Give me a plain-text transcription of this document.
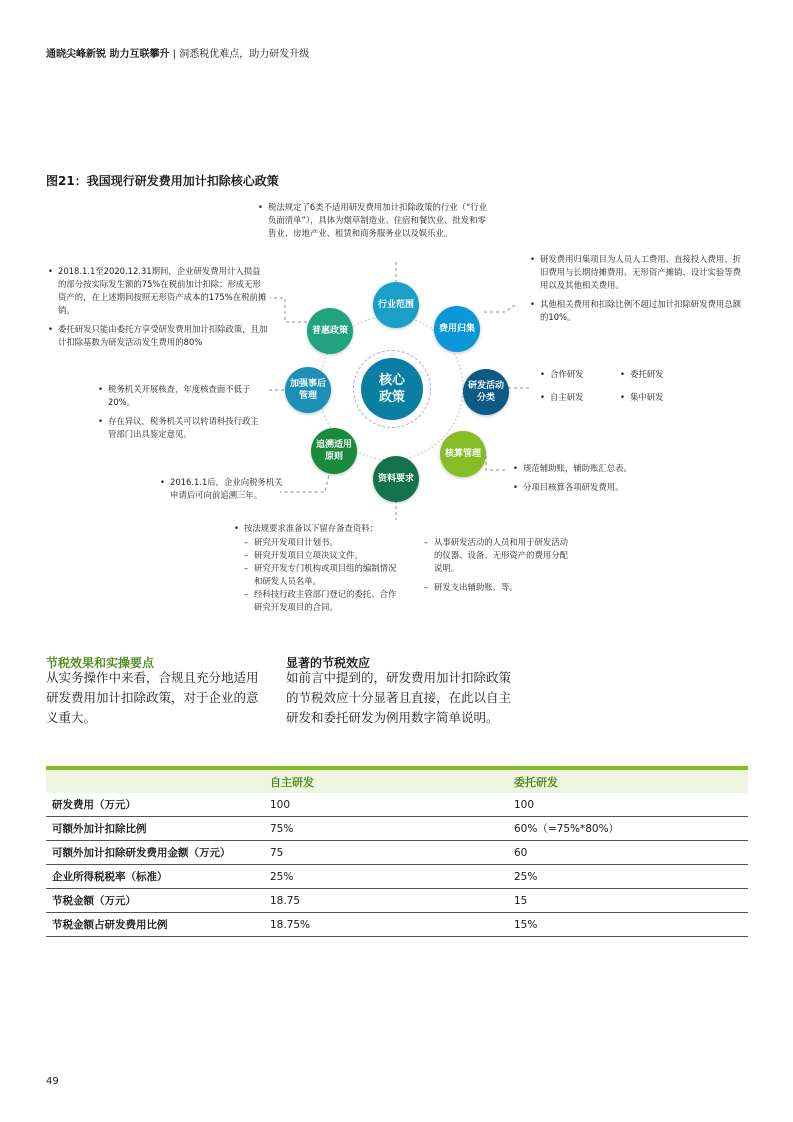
通晓尖峰新锐 助力互联攀升 | 洞悉税优难点，助力研发升级
图21：我国现行研发费用加计扣除核心政策
• 税法规定了6类不适用研发费用加计扣除政策的行业（“行业负面清单”），具体为烟草制造业、住宿和餐饮业、批发和零售业、房地产业、租赁和商务服务业以及娱乐业。
• 研发费用归集项目为人员人工费用、直接投入费用、折旧费用与长期待摊费用、无形资产摊销、设计实验等费用以及其他相关费用。
• 其他相关费用和扣除比例不超过加计扣除研发费用总额的10%。
• 合作研发	• 委托研发
• 自主研发	• 集中研发
• 规范辅助账，辅助账汇总表。
• 分项目核算各项研发费用。
• 按法规要求准备以下留存备查资料：
– 研究开发项目计划书。
– 研究开发项目立项决议文件。
– 研究开发专门机构或项目组的编制情况和研发人员名单。
– 经科技行政主管部门登记的委托、合作研究开发项目的合同。
– 从事研发活动的人员和用于研发活动的仪器、设备、无形资产的费用分配说明。
– 研发支出辅助账、等。
• 2016.1.1后，企业向税务机关申请后可向前追溯三年。
• 税务机关开展核查，年度核查面不低于20%。
• 存在异议，税务机关可以转请科技行政主管部门出具鉴定意见。
• 2018.1.1至2020.12.31期间，企业研发费用计入损益的部分按实际发生额的75%在税前加计扣除；形成无形资产的，在上述期间按照无形资产成本的175%在税前摊销。
• 委托研发只能由委托方享受研发费用加计扣除政策，且加计扣除基数为研发活动发生费用的80%
核心政策
行业范围
费用归集
研发活动分类
核算管理
资料要求
追溯适用原则
加强事后管理
普惠政策
节税效果和实操要点
从实务操作中来看，合规且充分地适用研发费用加计扣除政策，对于企业的意义重大。
显著的节税效应
如前言中提到的，研发费用加计扣除政策的节税效应十分显著且直接，在此以自主研发和委托研发为例用数字简单说明。
	自主研发	委托研发
研发费用（万元）	100	100
可额外加计扣除比例	75%	60%（=75%*80%）
可额外加计扣除研发费用金额（万元）	75	60
企业所得税税率（标准）	25%	25%
节税金额（万元）	18.75	15
节税金额占研发费用比例	18.75%	15%
49
